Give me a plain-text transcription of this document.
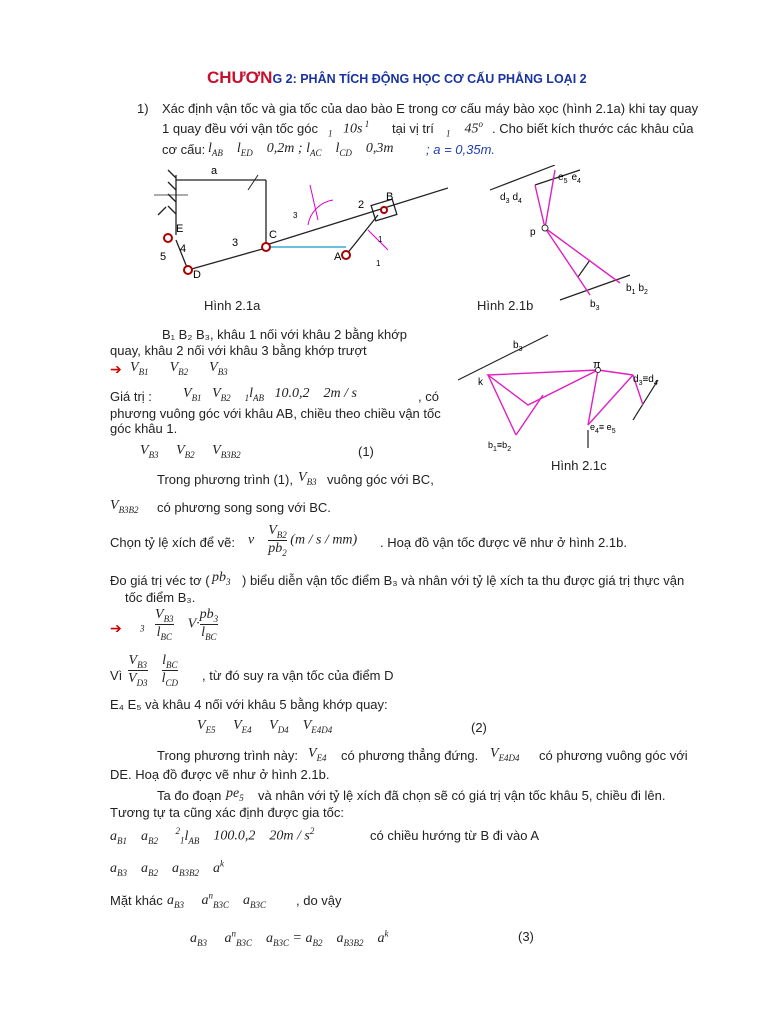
CHƯƠNG 2: PHÂN TÍCH ĐỘNG HỌC CƠ CẤU PHẲNG LOẠI 2
1) Xác định vận tốc và gia tốc của dao bào E trong cơ cấu máy bào xọc (hình 2.1a) khi tay quay
1 quay đều với vận tốc góc $_1$   10s $^1$ tại vị trí $_1$    45$^o$ . Cho biết kích thước các khâu của
cơ cấu: $l_{AB}$ $l_{ED}$    0,2m ; $l_{AC}$ $l_{CD}$    0,3m ; a = 0,35m.
a
B
2
E
4
5
3
C
A
D
1
3
1
Hình 2.1a
$e_5$ $e_4$
$d_3$ $d_4$
p
$b_1$ $b_2$
$b_3$
Hình 2.1b
$b_3$
k
π
$d_3\equiv d_4$
$e_4\equiv e_5$
$b_1\equiv b_2$
Hình 2.1c
B₁ B₂ B₃, khâu 1 nối với khâu 2 bằng khớp
quay, khâu 2 nối với khâu 3 bằng khớp trượt
➔ $V_{B1}$ $V_{B2}$ $V_{B3}$
Giá trị : $V_{B1}$ $V_{B2}$ $_1l_{AB}$   10.0,2    2m / s	, có
phương vuông góc với khâu AB, chiều theo chiều vận tốc
góc khâu 1.
$V_{B3}$ $V_{B2}$ $V_{B3B2}$	(1)
Trong phương trình (1), $V_{B3}$ vuông góc với BC,
$V_{B3B2}$ có phương song song với BC.
Chọn tỷ lệ xích để vẽ: v $\frac{V_{B2}}{pb_2} (m$ / s / mm) . Hoạ đồ vận tốc được vẽ như ở hình 2.1b.
Đo giá trị véc tơ ( $pb_3$ ) biểu diễn vận tốc điểm B₃ và nhân với tỷ lệ xích ta thu được giá trị thực vận
tốc điểm B₃.
➔ $_3$
$V_{B3}$
$l_{BC}$
V·
$pb_3$
$l_{BC}$
Vì $\frac{V_{B3}}{V_{D3}}$
$l_{BC}$
$l_{CD}$ , từ đó suy ra vận tốc của điểm D
E₄ E₅ và khâu 4 nối với khâu 5 bằng khớp quay:
$V_{E5}$ $V_{E4}$ $V_{D4}$ $V_{E4D4}$	(2)
Trong phương trình này: $V_{E4}$ có phương thẳng đứng. $V_{E4D4}$ có phương vuông góc với
DE. Hoạ đồ được vẽ như ở hình 2.1b.
Ta đo đoạn $pe_5$ và nhân với tỷ lệ xích đã chọn sẽ có giá trị vận tốc khâu 5, chiều đi lên.
Tương tự ta cũng xác định được gia tốc:
$a_{B1}$ $a_{B2}$     $^2_1l_{AB}$    100.0,2    $20m / s^2$	có chiều hướng từ B đi vào A
$a_{B3}$ $a_{B2}$ $a_{B3B2}$ $a^k$
Mặt khác $a_{B3}$ $a^n_{B3C}$ $a_{B3C}$ , do vậy
$a_{B3}$ $a^n_{B3C}$ $a_{B3C} = a_{B2}$ $a_{B3B2}$ $a^k$	(3)
